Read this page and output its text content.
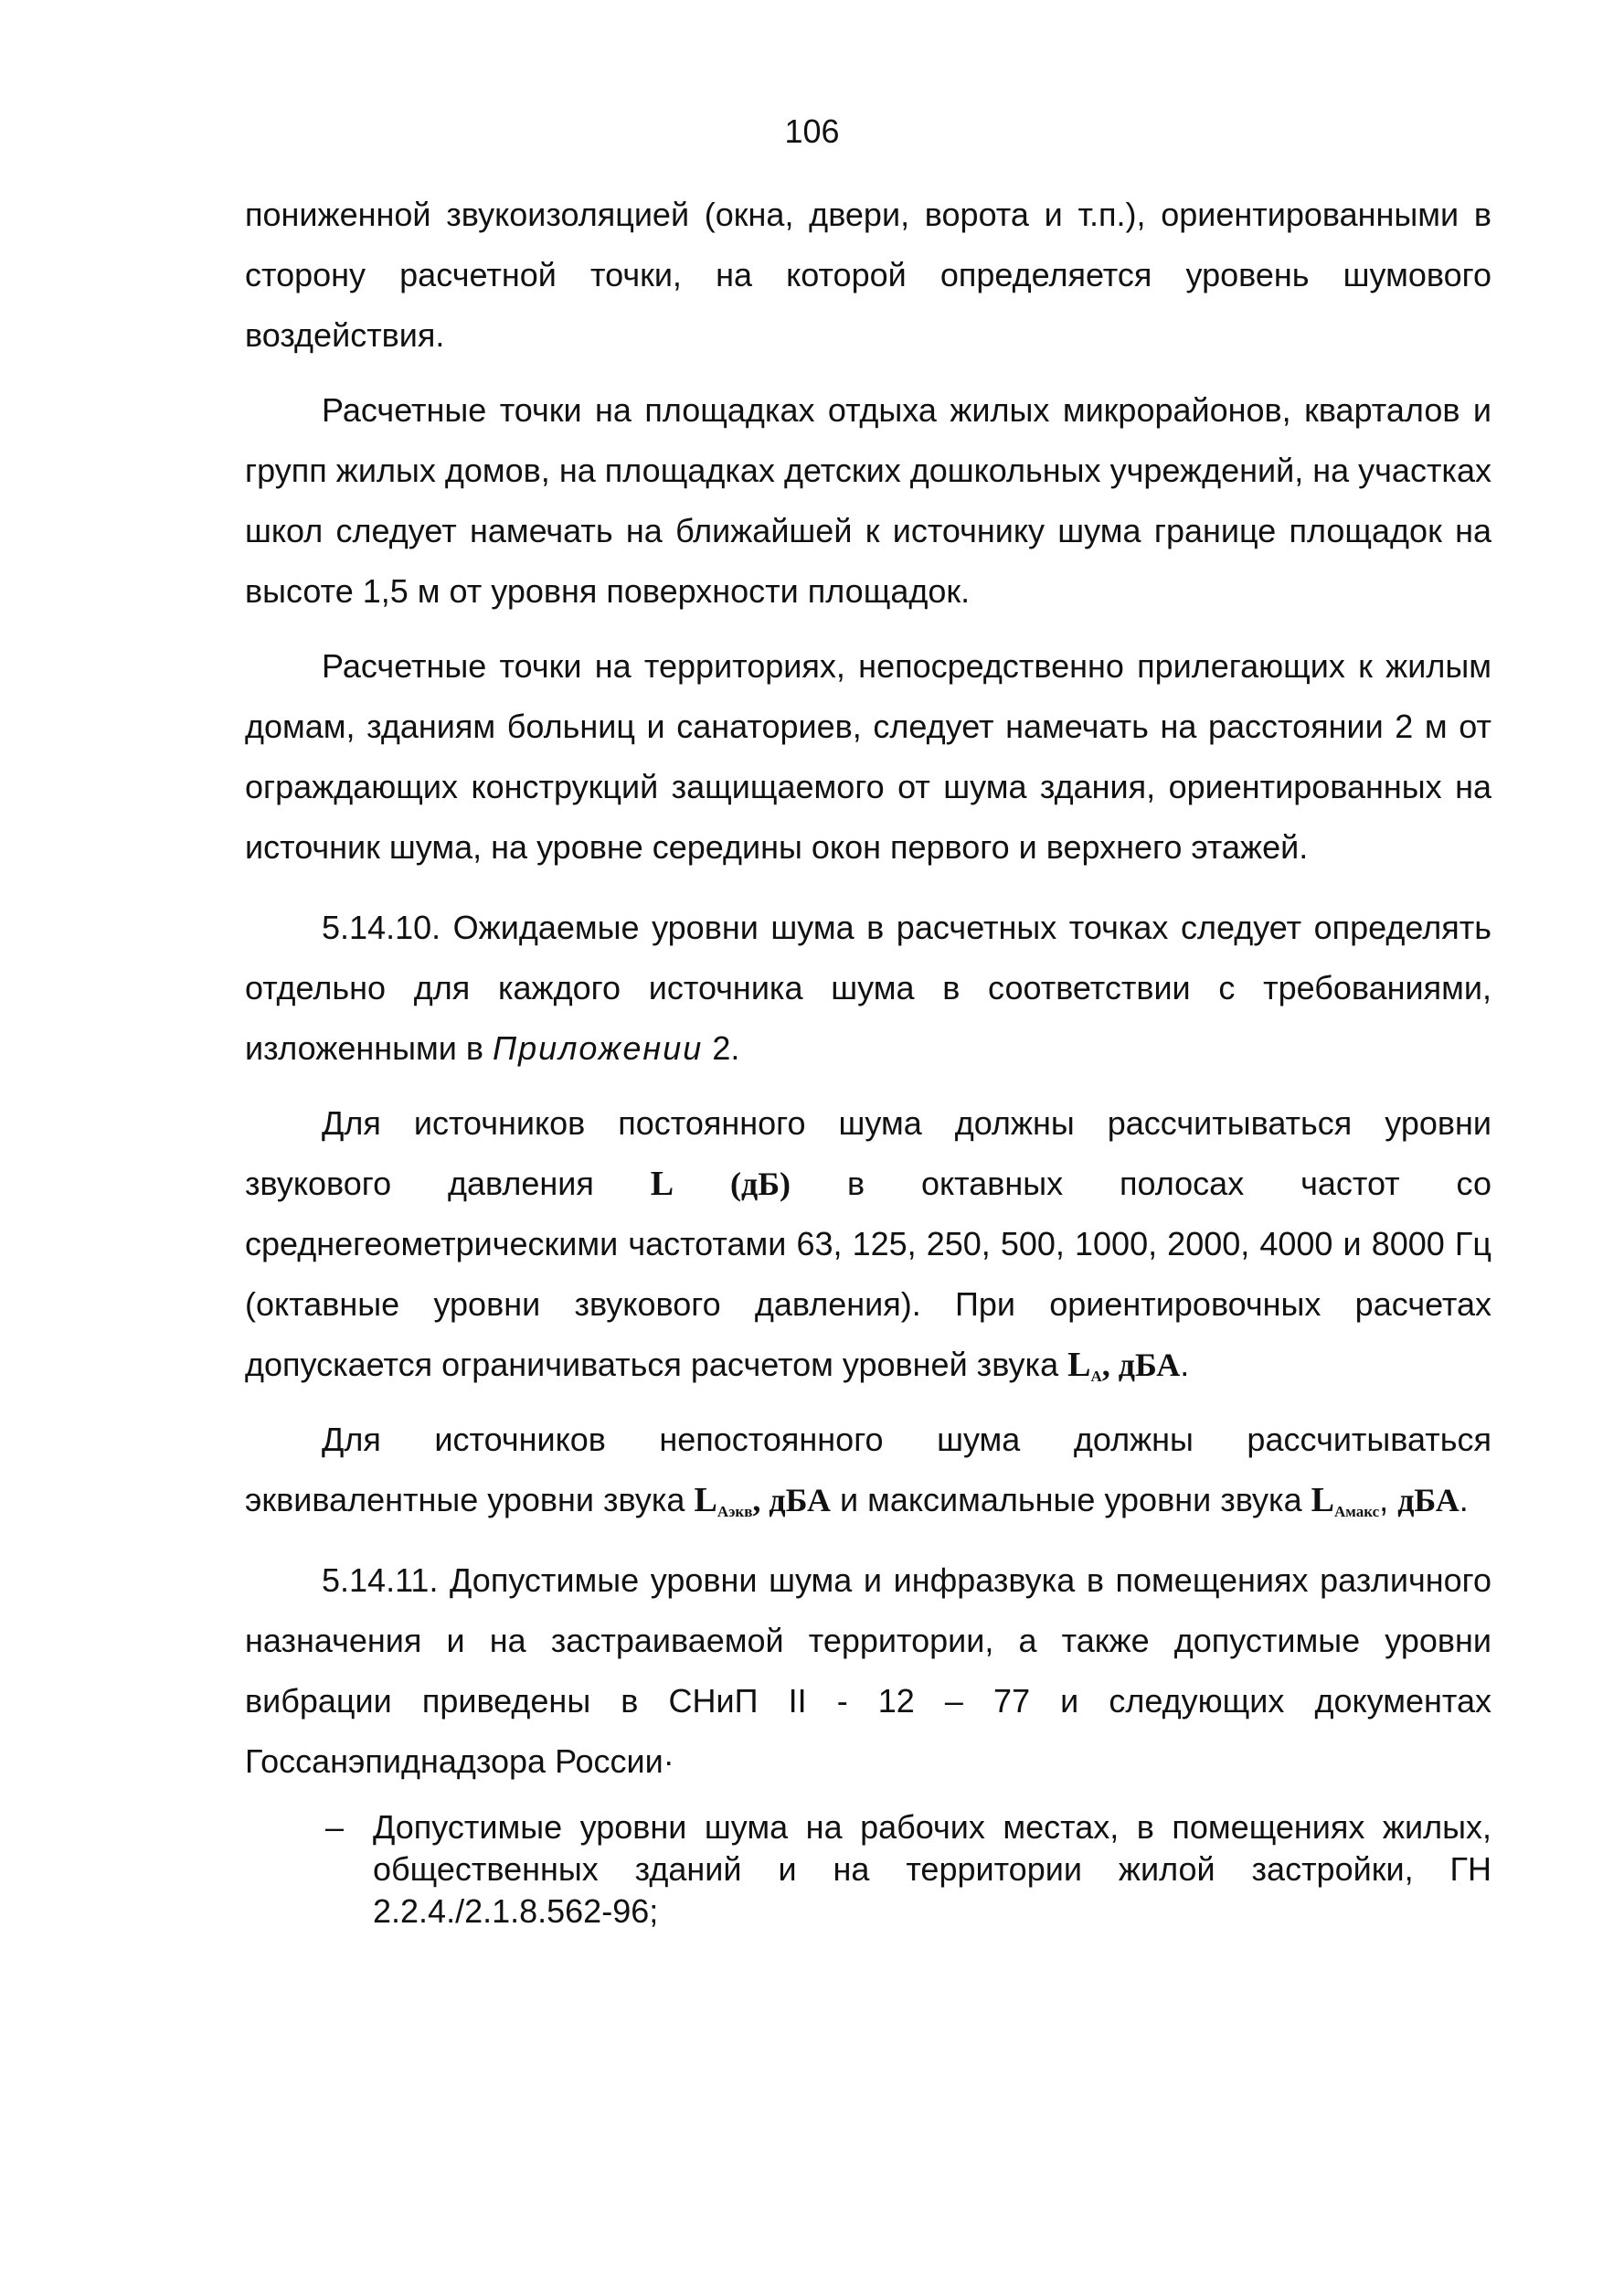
106

пониженной звукоизоляцией (окна, двери, ворота и т.п.), ориентированными в сторону расчетной точки, на которой определяется уровень шумового воздействия.

Расчетные точки на площадках отдыха жилых микрорайонов, кварталов и групп жилых домов, на площадках детских дошкольных учреждений, на участках школ следует намечать на ближайшей к источнику шума границе площадок на высоте 1,5 м от уровня поверхности площадок.

Расчетные точки на территориях, непосредственно прилегающих к жилым домам, зданиям больниц и санаториев, следует намечать на расстоянии 2 м от ограждающих конструкций защищаемого от шума здания, ориентированных на источник шума, на уровне середины окон первого и верхнего этажей.

5.14.10. Ожидаемые уровни шума в расчетных точках следует определять отдельно для каждого источника шума в соответствии с требованиями, изложенными в Приложении 2.

Для источников постоянного шума должны рассчитываться уровни звукового давления L (дБ) в октавных полосах частот со среднегеометрическими частотами 63, 125, 250, 500, 1000, 2000, 4000 и 8000 Гц (октавные уровни звукового давления). При ориентировочных расчетах допускается ограничиваться расчетом уровней звука $L_A$, дБА.

Для источников непостоянного шума должны рассчитываться эквивалентные уровни звука $L_{Аэкв}$, дБА и максимальные уровни звука $L_{Амакс}$, дБА.

5.14.11. Допустимые уровни шума и инфразвука в помещениях различного назначения и на застраиваемой территории, а также допустимые уровни вибрации приведены в СНиП II - 12 – 77 и следующих документах Госсанэпиднадзора России·

– Допустимые уровни шума на рабочих местах, в помещениях жилых, общественных зданий и на территории жилой застройки, ГН 2.2.4./2.1.8.562-96;
